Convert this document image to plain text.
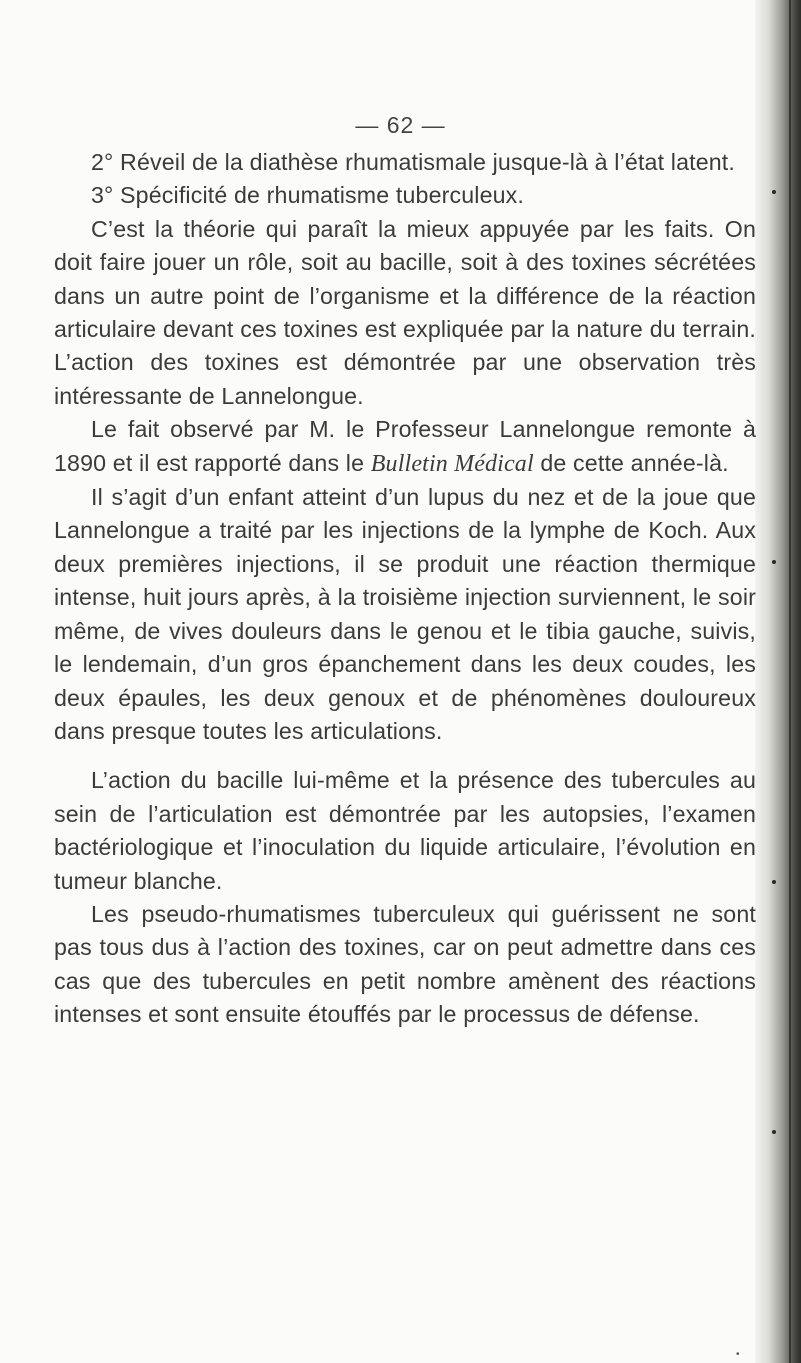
— 62 —

2° Réveil de la diathèse rhumatismale jusque-là à l’état latent.

3° Spécificité de rhumatisme tuberculeux.

C’est la théorie qui paraît la mieux appuyée par les faits. On doit faire jouer un rôle, soit au bacille, soit à des toxines sécrétées dans un autre point de l’organisme et la différence de la réaction articulaire devant ces toxines est expliquée par la nature du terrain. L’action des toxines est démontrée par une observation très intéressante de Lannelongue.

Le fait observé par M. le Professeur Lannelongue remonte à 1890 et il est rapporté dans le Bulletin Médical de cette année-là.

Il s’agit d’un enfant atteint d’un lupus du nez et de la joue que Lannelongue a traité par les injections de la lymphe de Koch. Aux deux premières injections, il se produit une réaction thermique intense, huit jours après, à la troisième injection surviennent, le soir même, de vives douleurs dans le genou et le tibia gauche, suivis, le lendemain, d’un gros épanchement dans les deux coudes, les deux épaules, les deux genoux et de phénomènes douloureux dans presque toutes les articulations.

L’action du bacille lui-même et la présence des tubercules au sein de l’articulation est démontrée par les autopsies, l’examen bactériologique et l’inoculation du liquide articulaire, l’évolution en tumeur blanche.

Les pseudo-rhumatismes tuberculeux qui guérissent ne sont pas tous dus à l’action des toxines, car on peut admettre dans ces cas que des tubercules en petit nombre amènent des réactions intenses et sont ensuite étouffés par le processus de défense.

•
